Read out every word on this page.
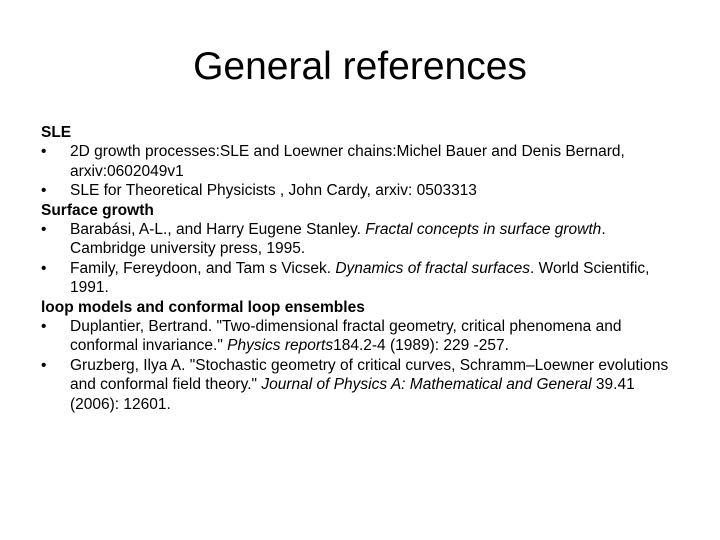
General references

SLE

• 2D growth processes:SLE and Loewner chains:Michel Bauer and Denis Bernard, arxiv:0602049v1
• SLE for Theoretical Physicists , John Cardy, arxiv: 0503313

Surface growth

• Barabási, A-L., and Harry Eugene Stanley. Fractal concepts in surface growth. Cambridge university press, 1995.
• Family, Fereydoon, and Tam s Vicsek. Dynamics of fractal surfaces. World Scientific, 1991.

loop models and conformal loop ensembles

• Duplantier, Bertrand. "Two-dimensional fractal geometry, critical phenomena and conformal invariance." Physics reports184.2-4 (1989): 229 -257.
• Gruzberg, Ilya A. "Stochastic geometry of critical curves, Schramm–Loewner evolutions and conformal field theory." Journal of Physics A: Mathematical and General 39.41 (2006): 12601.
